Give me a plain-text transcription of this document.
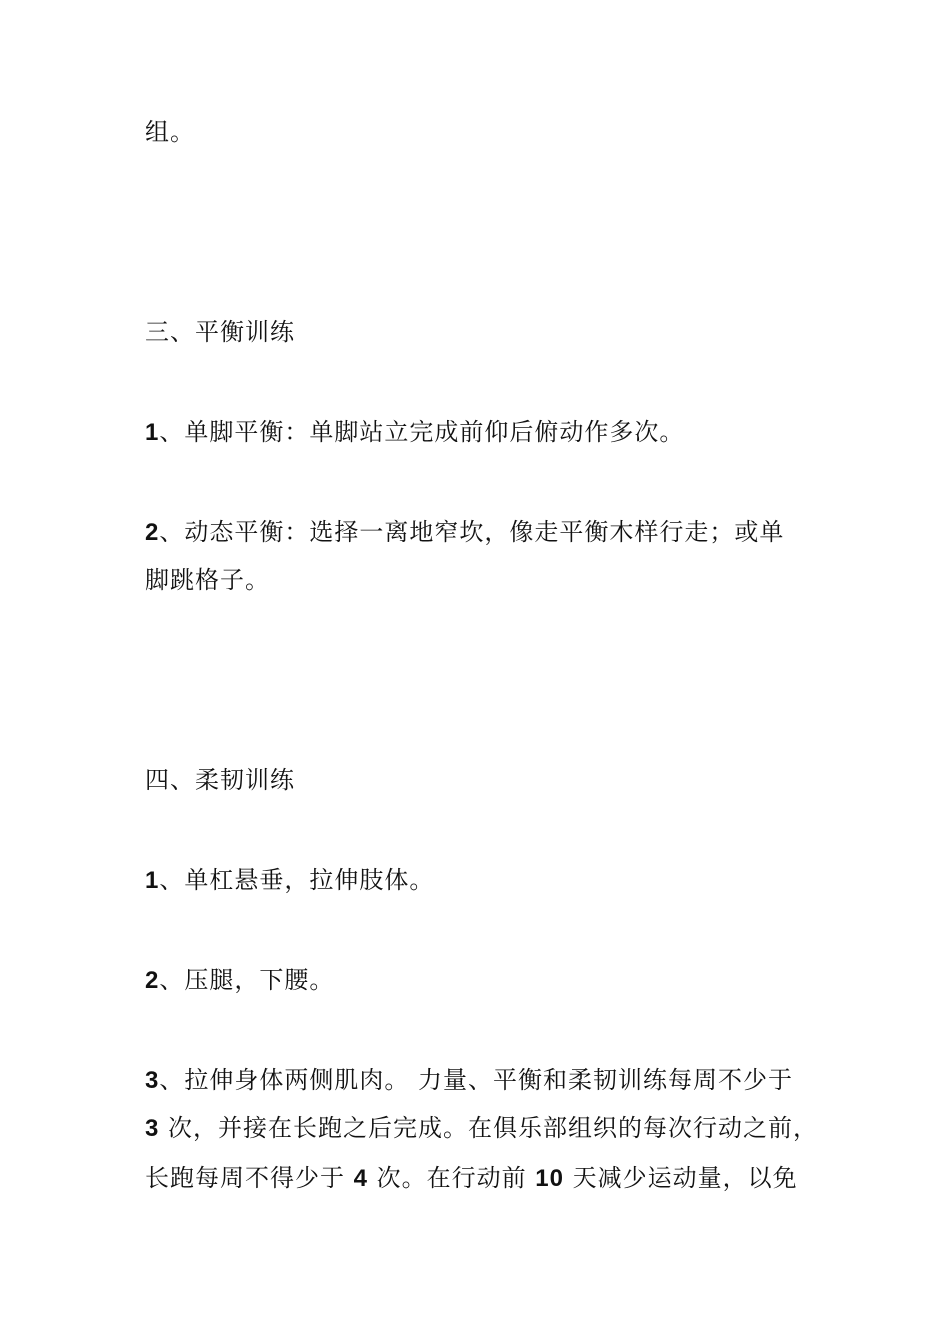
组。
三、平衡训练
1、单脚平衡：单脚站立完成前仰后俯动作多次。
2、动态平衡：选择一离地窄坎，像走平衡木样行走；或单
脚跳格子。
四、柔韧训练
1、单杠悬垂，拉伸肢体。
2、压腿，下腰。
3、拉伸身体两侧肌肉。 力量、平衡和柔韧训练每周不少于
3 次，并接在长跑之后完成。在俱乐部组织的每次行动之前，
长跑每周不得少于 4 次。在行动前 10 天减少运动量，以免
